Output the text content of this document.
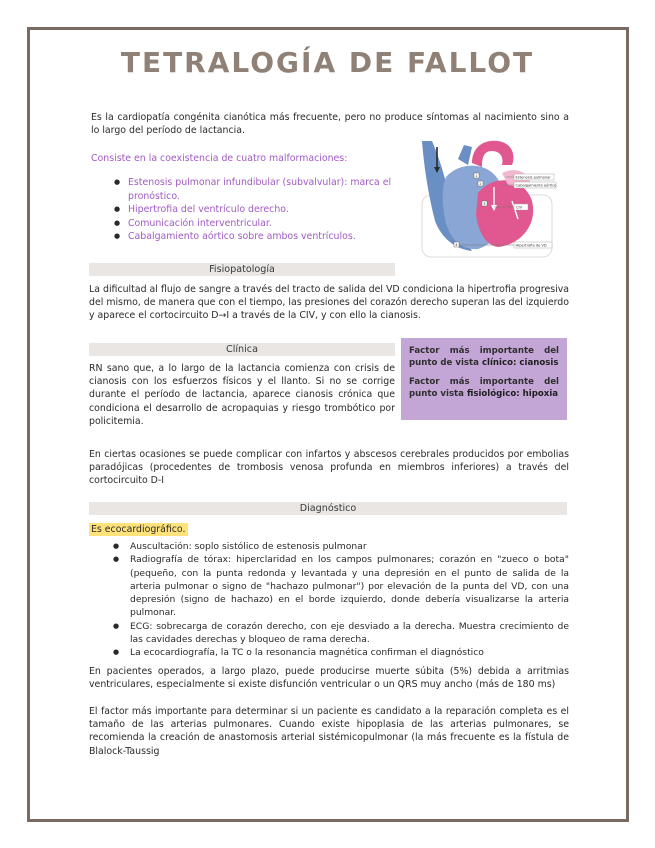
TETRALOGÍA DE FALLOT

Es la cardiopatía congénita cianótica más frecuente, pero no produce síntomas al nacimiento sino a lo largo del período de lactancia.

Consiste en la coexistencia de cuatro malformaciones:

● Estenosis pulmonar infundibular (subvalvular): marca el pronóstico.
● Hipertrofia del ventrículo derecho.
● Comunicación interventricular.
● Cabalgamiento aórtico sobre ambos ventrículos.
1
2
3
4
Estenosis pulmonar
Cabalgamiento aórtico
CIV
Hipertrofia de VD
Fisiopatología

La dificultad al flujo de sangre a través del tracto de salida del VD condiciona la hipertrofia progresiva del mismo, de manera que con el tiempo, las presiones del corazón derecho superan las del izquierdo y aparece el cortocircuito D→I a través de la CIV, y con ello la cianosis.

Clínica

RN sano que, a lo largo de la lactancia comienza con crisis de cianosis con los esfuerzos físicos y el llanto. Si no se corrige durante el período de lactancia, aparece cianosis crónica que condiciona el desarrollo de acropaquias y riesgo trombótico por policitemia.

Factor más importante del punto de vista clínico: cianosis

Factor más importante del punto vista fisiológico: hipoxia

En ciertas ocasiones se puede complicar con infartos y abscesos cerebrales producidos por embolias paradójicas (procedentes de trombosis venosa profunda en miembros inferiores) a través del cortocircuito D-I

Diagnóstico
Es ecocardiográfico.
● Auscultación: soplo sistólico de estenosis pulmonar
● Radiografía de tórax: hiperclaridad en los campos pulmonares; corazón en "zueco o bota" (pequeño, con la punta redonda y levantada y una depresión en el punto de salida de la arteria pulmonar o signo de "hachazo pulmonar") por elevación de la punta del VD, con una depresión (signo de hachazo) en el borde izquierdo, donde debería visualizarse la arteria pulmonar.
● ECG: sobrecarga de corazón derecho, con eje desviado a la derecha. Muestra crecimiento de las cavidades derechas y bloqueo de rama derecha.
● La ecocardiografía, la TC o la resonancia magnética confirman el diagnóstico

En pacientes operados, a largo plazo, puede producirse muerte súbita (5%) debida a arritmias ventriculares, especialmente si existe disfunción ventricular o un QRS muy ancho (más de 180 ms)

El factor más importante para determinar si un paciente es candidato a la reparación completa es el tamaño de las arterias pulmonares. Cuando existe hipoplasia de las arterias pulmonares, se recomienda la creación de anastomosis arterial sistémicopulmonar (la más frecuente es la fístula de Blalock-Taussig
